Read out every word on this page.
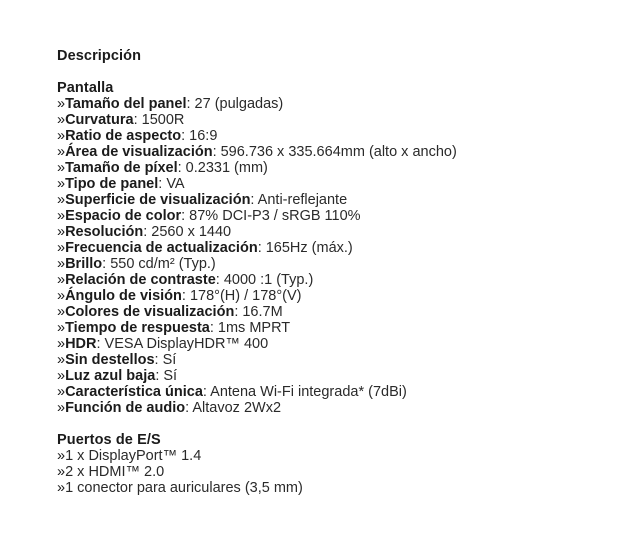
Descripción
Pantalla
»Tamaño del panel: 27 (pulgadas)
»Curvatura: 1500R
»Ratio de aspecto: 16:9
»Área de visualización: 596.736 x 335.664mm (alto x ancho)
»Tamaño de píxel: 0.2331 (mm)
»Tipo de panel: VA
»Superficie de visualización: Anti-reflejante
»Espacio de color: 87% DCI-P3 / sRGB 110%
»Resolución: 2560 x 1440
»Frecuencia de actualización: 165Hz (máx.)
»Brillo: 550 cd/m² (Typ.)
»Relación de contraste: 4000 :1 (Typ.)
»Ángulo de visión: 178°(H) / 178°(V)
»Colores de visualización: 16.7M
»Tiempo de respuesta: 1ms MPRT
»HDR: VESA DisplayHDR™ 400
»Sin destellos: Sí
»Luz azul baja: Sí
»Característica única: Antena Wi-Fi integrada* (7dBi)
»Función de audio: Altavoz 2Wx2
Puertos de E/S
»1 x DisplayPort™ 1.4
»2 x HDMI™ 2.0
»1 conector para auriculares (3,5 mm)
